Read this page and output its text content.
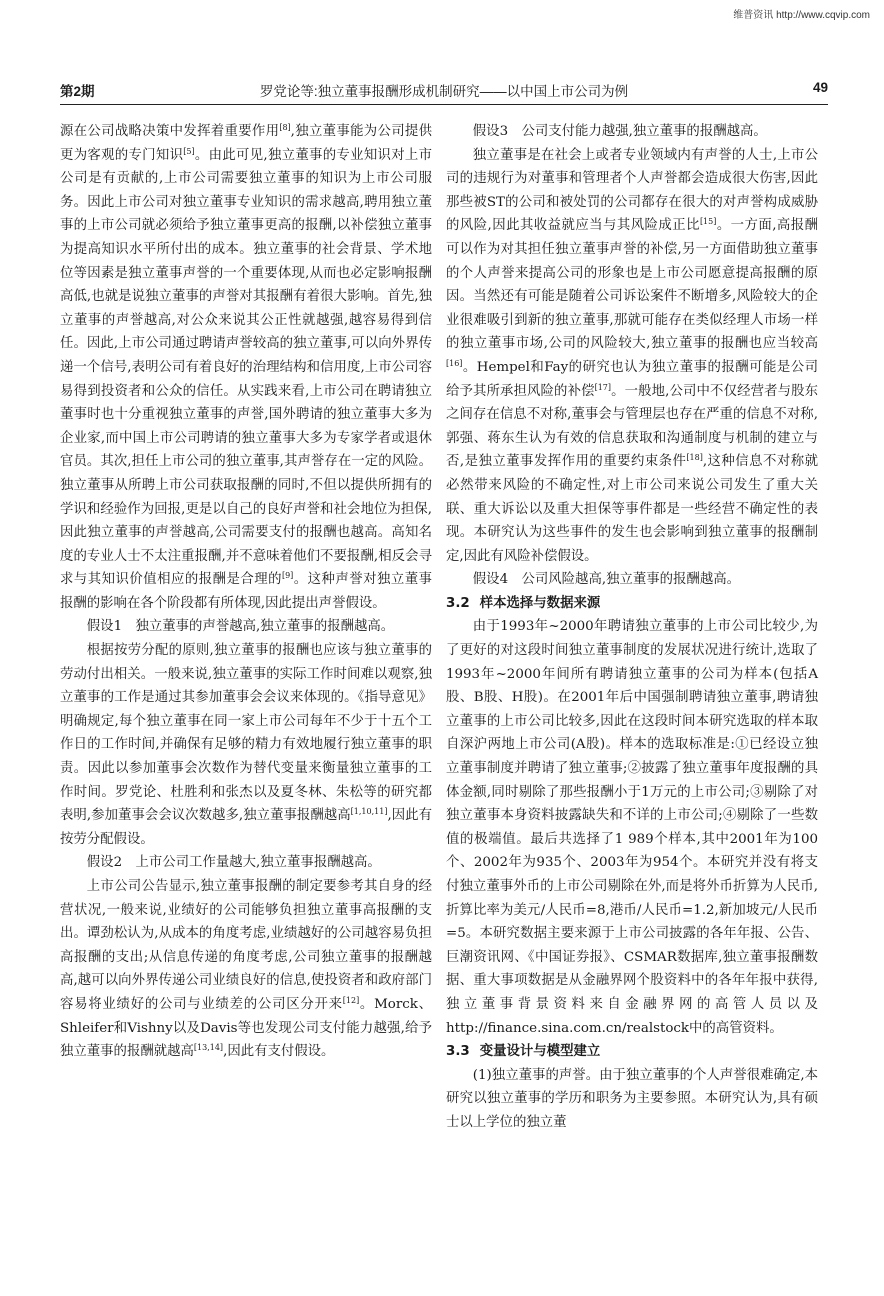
维普资讯 http://www.cqvip.com
第2期	罗党论等:独立董事报酬形成机制研究——以中国上市公司为例	49

源在公司战略决策中发挥着重要作用[8],独立董事能为公司提供更为客观的专门知识[5]。由此可见,独立董事的专业知识对上市公司是有贡献的,上市公司需要独立董事的知识为上市公司服务。因此上市公司对独立董事专业知识的需求越高,聘用独立董事的上市公司就必须给予独立董事更高的报酬,以补偿独立董事为提高知识水平所付出的成本。独立董事的社会背景、学术地位等因素是独立董事声誉的一个重要体现,从而也必定影响报酬高低,也就是说独立董事的声誉对其报酬有着很大影响。首先,独立董事的声誉越高,对公众来说其公正性就越强,越容易得到信任。因此,上市公司通过聘请声誉较高的独立董事,可以向外界传递一个信号,表明公司有着良好的治理结构和信用度,上市公司容易得到投资者和公众的信任。从实践来看,上市公司在聘请独立董事时也十分重视独立董事的声誉,国外聘请的独立董事大多为企业家,而中国上市公司聘请的独立董事大多为专家学者或退休官员。其次,担任上市公司的独立董事,其声誉存在一定的风险。独立董事从所聘上市公司获取报酬的同时,不但以提供所拥有的学识和经验作为回报,更是以自己的良好声誉和社会地位为担保,因此独立董事的声誉越高,公司需要支付的报酬也越高。高知名度的专业人士不太注重报酬,并不意味着他们不要报酬,相反会寻求与其知识价值相应的报酬是合理的[9]。这种声誉对独立董事报酬的影响在各个阶段都有所体现,因此提出声誉假设。

假设1　独立董事的声誉越高,独立董事的报酬越高。

根据按劳分配的原则,独立董事的报酬也应该与独立董事的劳动付出相关。一般来说,独立董事的实际工作时间难以观察,独立董事的工作是通过其参加董事会会议来体现的。《指导意见》明确规定,每个独立董事在同一家上市公司每年不少于十五个工作日的工作时间,并确保有足够的精力有效地履行独立董事的职责。因此以参加董事会次数作为替代变量来衡量独立董事的工作时间。罗党论、杜胜利和张杰以及夏冬林、朱松等的研究都表明,参加董事会会议次数越多,独立董事报酬越高[1,10,11],因此有按劳分配假设。

假设2　上市公司工作量越大,独立董事报酬越高。

上市公司公告显示,独立董事报酬的制定要参考其自身的经营状况,一般来说,业绩好的公司能够负担独立董事高报酬的支出。谭劲松认为,从成本的角度考虑,业绩越好的公司越容易负担高报酬的支出;从信息传递的角度考虑,公司独立董事的报酬越高,越可以向外界传递公司业绩良好的信息,使投资者和政府部门容易将业绩好的公司与业绩差的公司区分开来[12]。Morck、Shleifer和Vishny以及Davis等也发现公司支付能力越强,给予独立董事的报酬就越高[13,14],因此有支付假设。

假设3　公司支付能力越强,独立董事的报酬越高。

独立董事是在社会上或者专业领域内有声誉的人士,上市公司的违规行为对董事和管理者个人声誉都会造成很大伤害,因此那些被ST的公司和被处罚的公司都存在很大的对声誉构成威胁的风险,因此其收益就应当与其风险成正比[15]。一方面,高报酬可以作为对其担任独立董事声誉的补偿,另一方面借助独立董事的个人声誉来提高公司的形象也是上市公司愿意提高报酬的原因。当然还有可能是随着公司诉讼案件不断增多,风险较大的企业很难吸引到新的独立董事,那就可能存在类似经理人市场一样的独立董事市场,公司的风险较大,独立董事的报酬也应当较高[16]。Hempel和Fay的研究也认为独立董事的报酬可能是公司给予其所承担风险的补偿[17]。一般地,公司中不仅经营者与股东之间存在信息不对称,董事会与管理层也存在严重的信息不对称,郭强、蒋东生认为有效的信息获取和沟通制度与机制的建立与否,是独立董事发挥作用的重要约束条件[18],这种信息不对称就必然带来风险的不确定性,对上市公司来说公司发生了重大关联、重大诉讼以及重大担保等事件都是一些经营不确定性的表现。本研究认为这些事件的发生也会影响到独立董事的报酬制定,因此有风险补偿假设。

假设4　公司风险越高,独立董事的报酬越高。

3.2 样本选择与数据来源

由于1993年~2000年聘请独立董事的上市公司比较少,为了更好的对这段时间独立董事制度的发展状况进行统计,选取了1993年~2000年间所有聘请独立董事的公司为样本(包括A股、B股、H股)。在2001年后中国强制聘请独立董事,聘请独立董事的上市公司比较多,因此在这段时间本研究选取的样本取自深沪两地上市公司(A股)。样本的选取标准是:①已经设立独立董事制度并聘请了独立董事;②披露了独立董事年度报酬的具体金额,同时剔除了那些报酬小于1万元的上市公司;③剔除了对独立董事本身资料披露缺失和不详的上市公司;④剔除了一些数值的极端值。最后共选择了1 989个样本,其中2001年为100个、2002年为935个、2003年为954个。本研究并没有将支付独立董事外币的上市公司剔除在外,而是将外币折算为人民币,折算比率为美元/人民币=8,港币/人民币=1.2,新加坡元/人民币=5。本研究数据主要来源于上市公司披露的各年年报、公告、巨潮资讯网、《中国证券报》、CSMAR数据库,独立董事报酬数据、重大事项数据是从金融界网个股资料中的各年年报中获得,独立董事背景资料来自金融界网的高管人员以及http://finance.sina.com.cn/realstock中的高管资料。

3.3 变量设计与模型建立

(1)独立董事的声誉。由于独立董事的个人声誉很难确定,本研究以独立董事的学历和职务为主要参照。本研究认为,具有硕士以上学位的独立董
